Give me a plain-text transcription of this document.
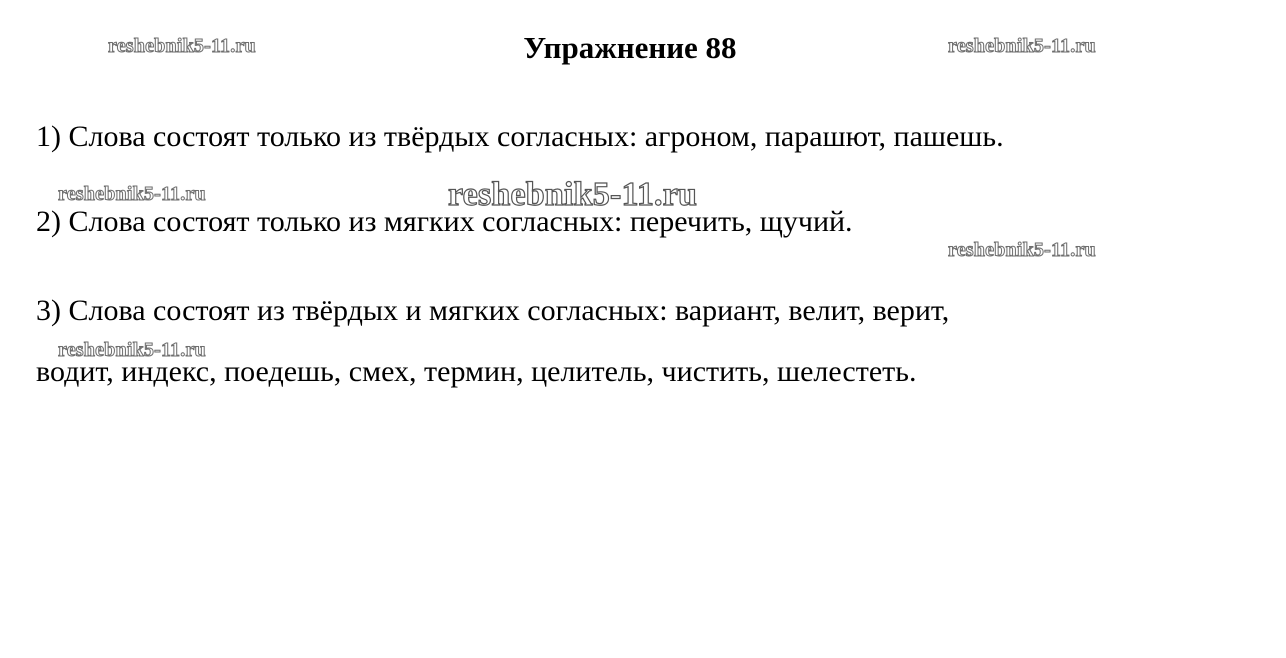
reshebnik5-11.ru	reshebnik5-11.ru
Упражнение 88
1) Слова состоят только из твёрдых согласных: агроном, парашют, пашешь.
reshebnik5-11.ru	reshebnik5-11.ru
2) Слова состоят только из мягких согласных: перечить, щучий.
reshebnik5-11.ru
3) Слова состоят из твёрдых и мягких согласных: вариант, велит, верит,
reshebnik5-11.ru
водит, индекс, поедешь, смех, термин, целитель, чистить, шелестеть.
